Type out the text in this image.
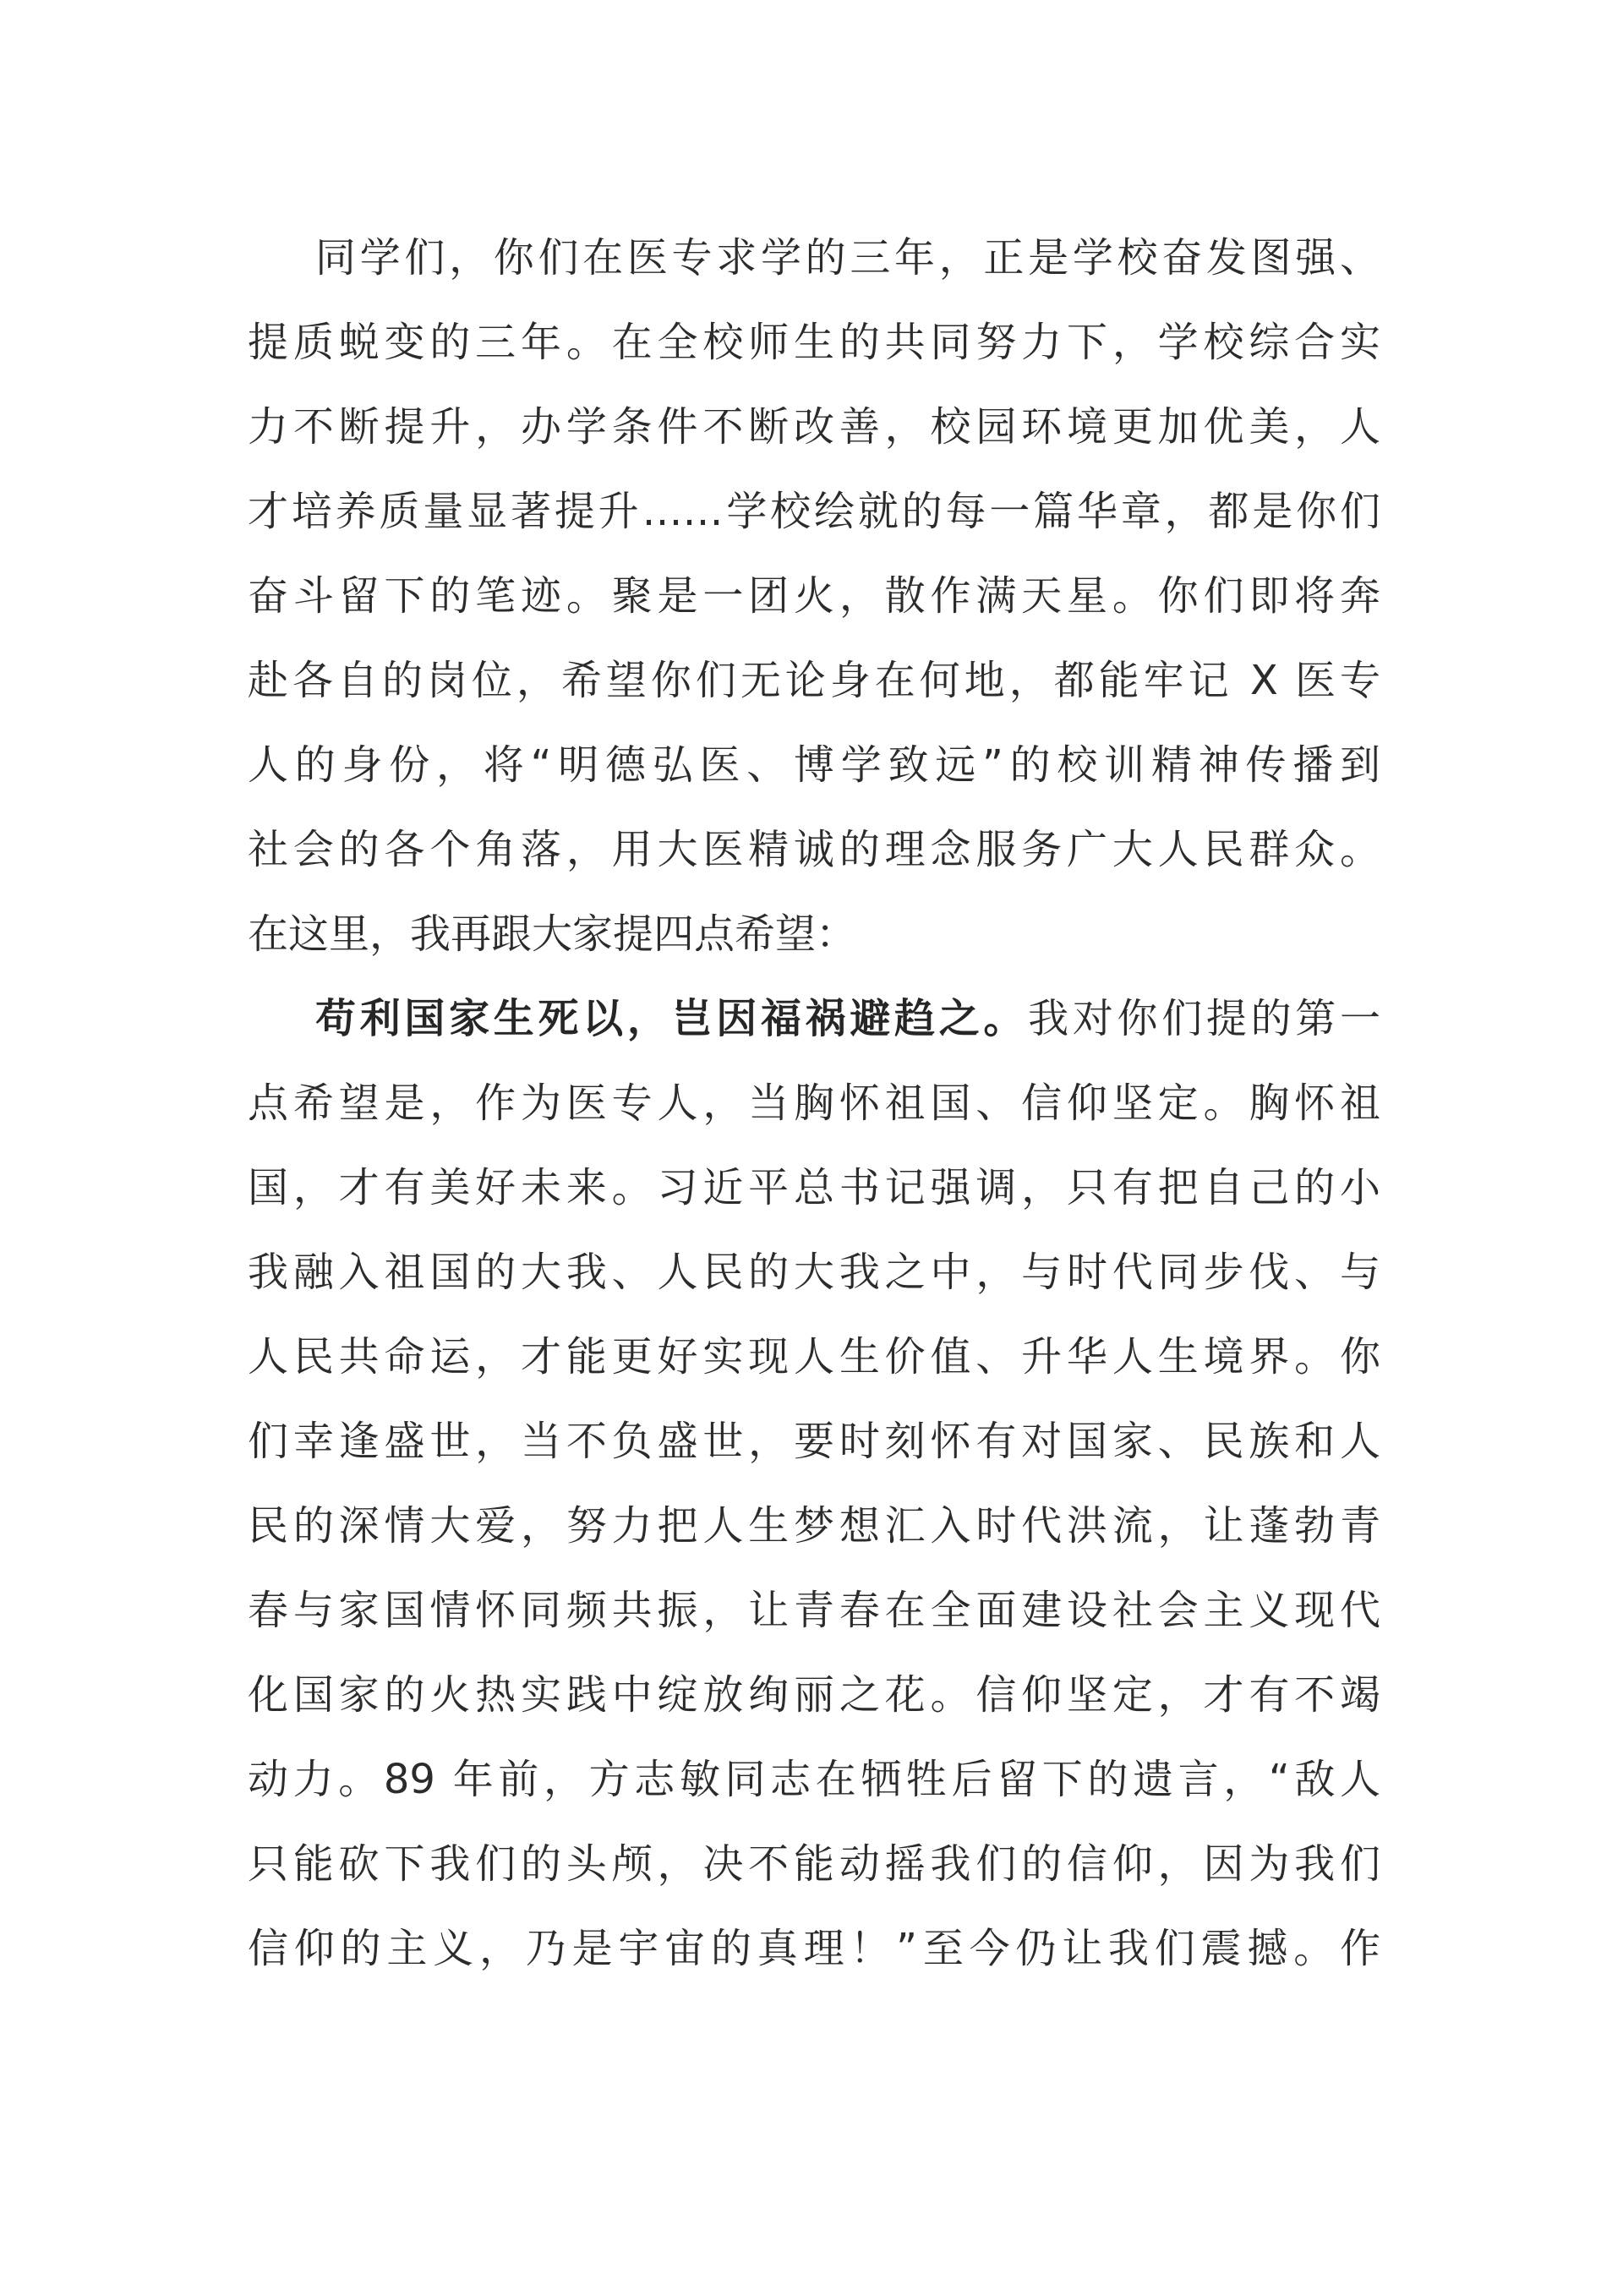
同学们，你们在医专求学的三年，正是学校奋发图强、
提质蜕变的三年。在全校师生的共同努力下，学校综合实
力不断提升，办学条件不断改善，校园环境更加优美，人
才培养质量显著提升……学校绘就的每一篇华章，都是你们
奋斗留下的笔迹。聚是一团火，散作满天星。你们即将奔
赴各自的岗位，希望你们无论身在何地，都能牢记 X 医专
人的身份，将“明德弘医、博学致远”的校训精神传播到
社会的各个角落，用大医精诚的理念服务广大人民群众。
在这里，我再跟大家提四点希望：
苟利国家生死以，岂因福祸避趋之。我对你们提的第一
点希望是，作为医专人，当胸怀祖国、信仰坚定。胸怀祖
国，才有美好未来。习近平总书记强调，只有把自己的小
我融入祖国的大我、人民的大我之中，与时代同步伐、与
人民共命运，才能更好实现人生价值、升华人生境界。你
们幸逢盛世，当不负盛世，要时刻怀有对国家、民族和人
民的深情大爱，努力把人生梦想汇入时代洪流，让蓬勃青
春与家国情怀同频共振，让青春在全面建设社会主义现代
化国家的火热实践中绽放绚丽之花。信仰坚定，才有不竭
动力。89 年前，方志敏同志在牺牲后留下的遗言，“敌人
只能砍下我们的头颅，决不能动摇我们的信仰，因为我们
信仰的主义，乃是宇宙的真理！”至今仍让我们震撼。作
